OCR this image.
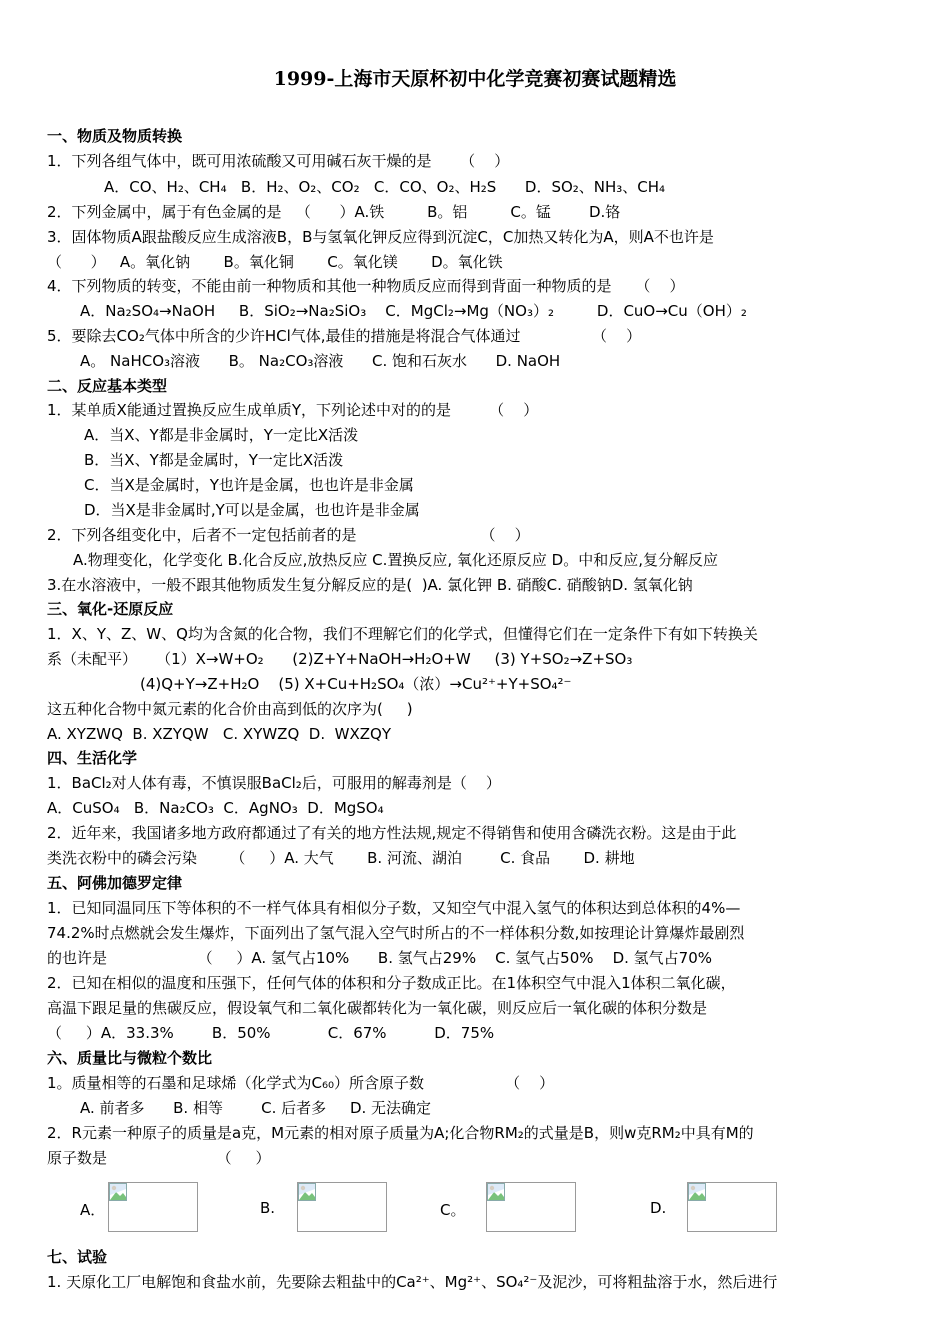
1999-上海市天原杯初中化学竞赛初赛试题精选
一、物质及物质转换
1．下列各组气体中，既可用浓硫酸又可用碱石灰干燥的是      （    ）
A．CO、H₂、CH₄   B．H₂、O₂、CO₂   C．CO、O₂、H₂S      D．SO₂、NH₃、CH₄
2．下列金属中，属于有色金属的是   （      ）A.铁         B。铝         C。锰        D.铬
3．固体物质A跟盐酸反应生成溶液B，B与氢氧化钾反应得到沉淀C，C加热又转化为A，则A不也许是
（      ）   A。氧化钠       B。氧化铜       C。氧化镁       D。氧化铁
4．下列物质的转变，不能由前一种物质和其他一种物质反应而得到背面一种物质的是     （    ）
A．Na₂SO₄→NaOH     B．SiO₂→Na₂SiO₃    C．MgCl₂→Mg（NO₃）₂         D．CuO→Cu（OH）₂
5．要除去CO₂气体中所含的少许HCl气体,最佳的措施是将混合气体通过               （    ）
A。 NaHCO₃溶液      B。 Na₂CO₃溶液      C. 饱和石灰水      D. NaOH
二、反应基本类型
1．某单质X能通过置换反应生成单质Y，下列论述中对的的是        （    ）
A．当X、Y都是非金属时，Y一定比X活泼
B．当X、Y都是金属时，Y一定比X活泼
C．当X是金属时，Y也许是金属，也也许是非金属
D．当X是非金属时,Y可以是金属，也也许是非金属
2．下列各组变化中，后者不一定包括前者的是                          （    ）
A.物理变化，化学变化 B.化合反应,放热反应 C.置换反应, 氧化还原反应 D。中和反应,复分解反应
3.在水溶液中，一般不跟其他物质发生复分解反应的是(  )A. 氯化钾 B. 硝酸C. 硝酸钠D. 氢氧化钠
三、氧化-还原反应
1．X、Y、Z、W、Q均为含氮的化合物，我们不理解它们的化学式，但懂得它们在一定条件下有如下转换关
系（未配平）    （1）X→W+O₂      (2)Z+Y+NaOH→H₂O+W     (3) Y+SO₂→Z+SO₃
(4)Q+Y→Z+H₂O    (5) X+Cu+H₂SO₄（浓）→Cu²⁺+Y+SO₄²⁻
这五种化合物中氮元素的化合价由高到低的次序为(     )
A. XYZWQ  B. XZYQW   C. XYWZQ  D.  WXZQY
四、生活化学
1．BaCl₂对人体有毒，不慎误服BaCl₂后，可服用的解毒剂是（    ）
A．CuSO₄   B．Na₂CO₃  C．AgNO₃  D．MgSO₄
2．近年来，我国诸多地方政府都通过了有关的地方性法规,规定不得销售和使用含磷洗衣粉。这是由于此
类洗衣粉中的磷会污染       （     ）A. 大气       B. 河流、湖泊        C. 食品       D. 耕地
五、阿佛加德罗定律
1．已知同温同压下等体积的不一样气体具有相似分子数，又知空气中混入氢气的体积达到总体积的4%—
74.2%时点燃就会发生爆炸，下面列出了氢气混入空气时所占的不一样体积分数,如按理论计算爆炸最剧烈
的也许是                   （     ）A. 氢气占10%      B. 氢气占29%    C. 氢气占50%    D. 氢气占70%
2．已知在相似的温度和压强下，任何气体的体积和分子数成正比。在1体积空气中混入1体积二氧化碳，
高温下跟足量的焦碳反应，假设氧气和二氧化碳都转化为一氧化碳，则反应后一氧化碳的体积分数是
（     ）A．33.3%        B．50%            C．67%          D．75%
六、质量比与微粒个数比
1。质量相等的石墨和足球烯（化学式为C₆₀）所含原子数                 （    ）
A. 前者多      B. 相等        C. 后者多     D. 无法确定
2．R元素一种原子的质量是a克，M元素的相对原子质量为A;化合物RM₂的式量是B，则w克RM₂中具有M的
原子数是                       （     ）
七、试验
1. 天原化工厂电解饱和食盐水前，先要除去粗盐中的Ca²⁺、Mg²⁺、SO₄²⁻及泥沙，可将粗盐溶于水，然后进行
A．	B.	C。	D.
